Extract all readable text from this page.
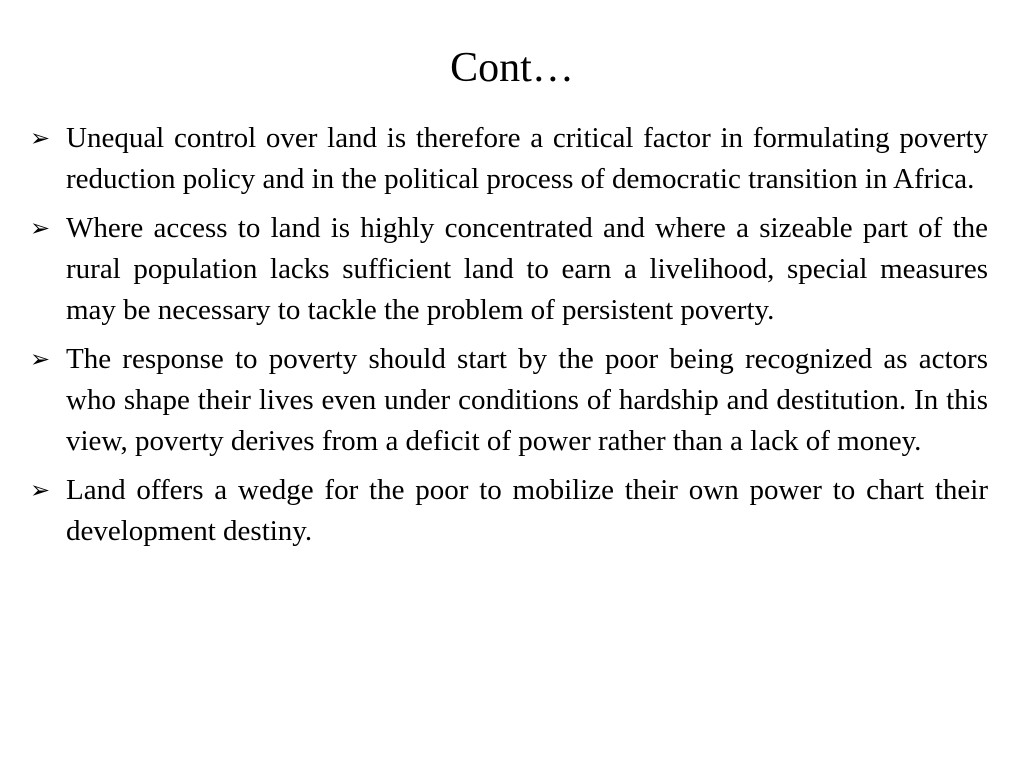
Cont…
➢ Unequal control over land is therefore a critical factor in formulating poverty reduction policy and in the political process of democratic transition in Africa.
➢ Where access to land is highly concentrated and where a sizeable part of the rural population lacks sufficient land to earn a livelihood, special measures may be necessary to tackle the problem of persistent poverty.
➢ The response to poverty should start by the poor being recognized as actors who shape their lives even under conditions of hardship and destitution. In this view, poverty derives from a deficit of power rather than a lack of money.
➢ Land offers a wedge for the poor to mobilize their own power to chart their development destiny.
